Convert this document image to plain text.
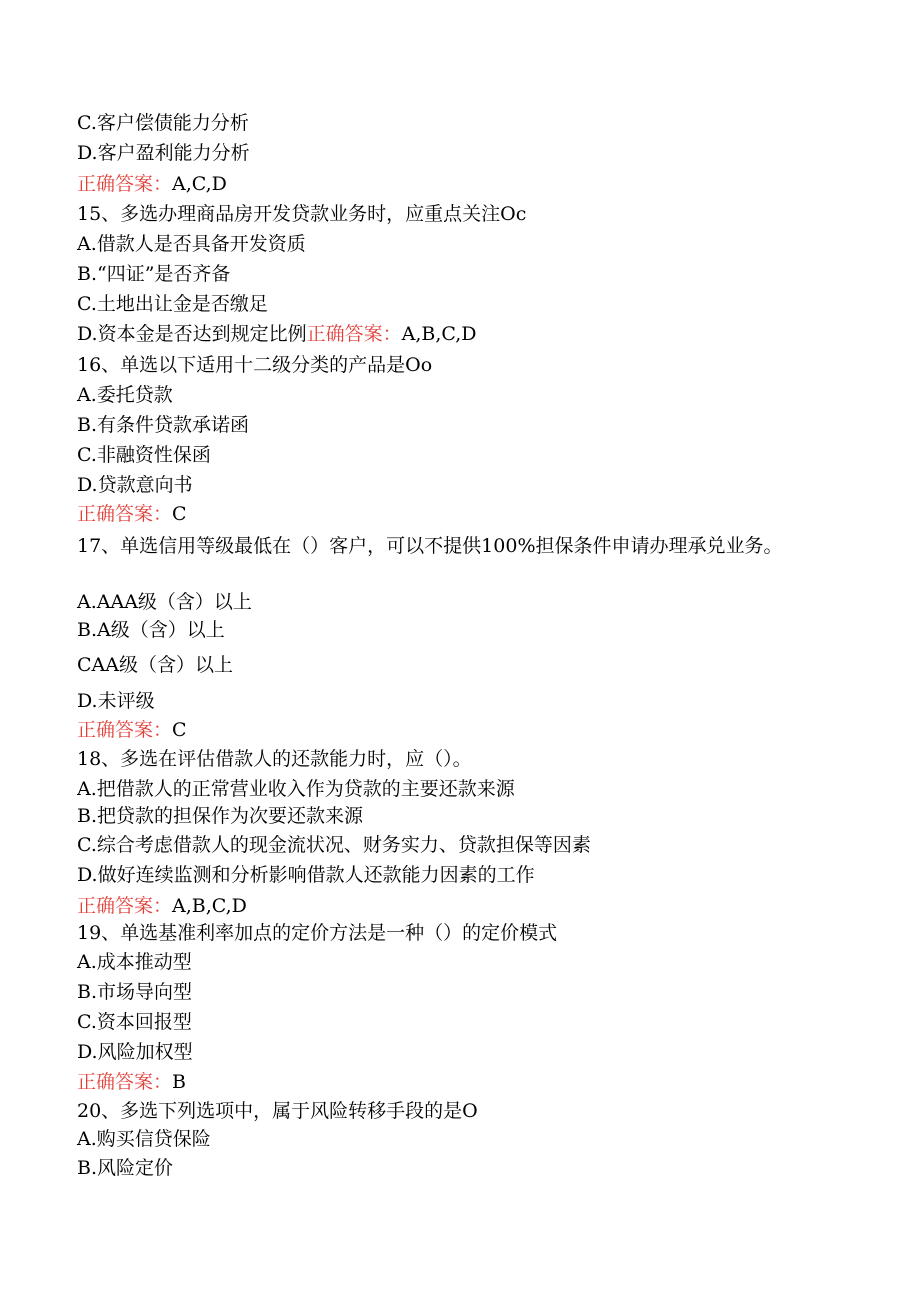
C.客户偿债能力分析
D.客户盈利能力分析
正确答案：A,C,D
15、多选办理商品房开发贷款业务时，应重点关注Oc
A.借款人是否具备开发资质
B.“四证”是否齐备
C.土地出让金是否缴足
D.资本金是否达到规定比例正确答案：A,B,C,D
16、单选以下适用十二级分类的产品是Oo
A.委托贷款
B.有条件贷款承诺函
C.非融资性保函
D.贷款意向书
正确答案：C
17、单选信用等级最低在（）客户，可以不提供100%担保条件申请办理承兑业务。
A.AAA级（含）以上
B.A级（含）以上
CAA级（含）以上
D.未评级
正确答案：C
18、多选在评估借款人的还款能力时，应（）。
A.把借款人的正常营业收入作为贷款的主要还款来源
B.把贷款的担保作为次要还款来源
C.综合考虑借款人的现金流状况、财务实力、贷款担保等因素
D.做好连续监测和分析影响借款人还款能力因素的工作
正确答案：A,B,C,D
19、单选基准利率加点的定价方法是一种（）的定价模式
A.成本推动型
B.市场导向型
C.资本回报型
D.风险加权型
正确答案：B
20、多选下列选项中，属于风险转移手段的是O
A.购买信贷保险
B.风险定价
